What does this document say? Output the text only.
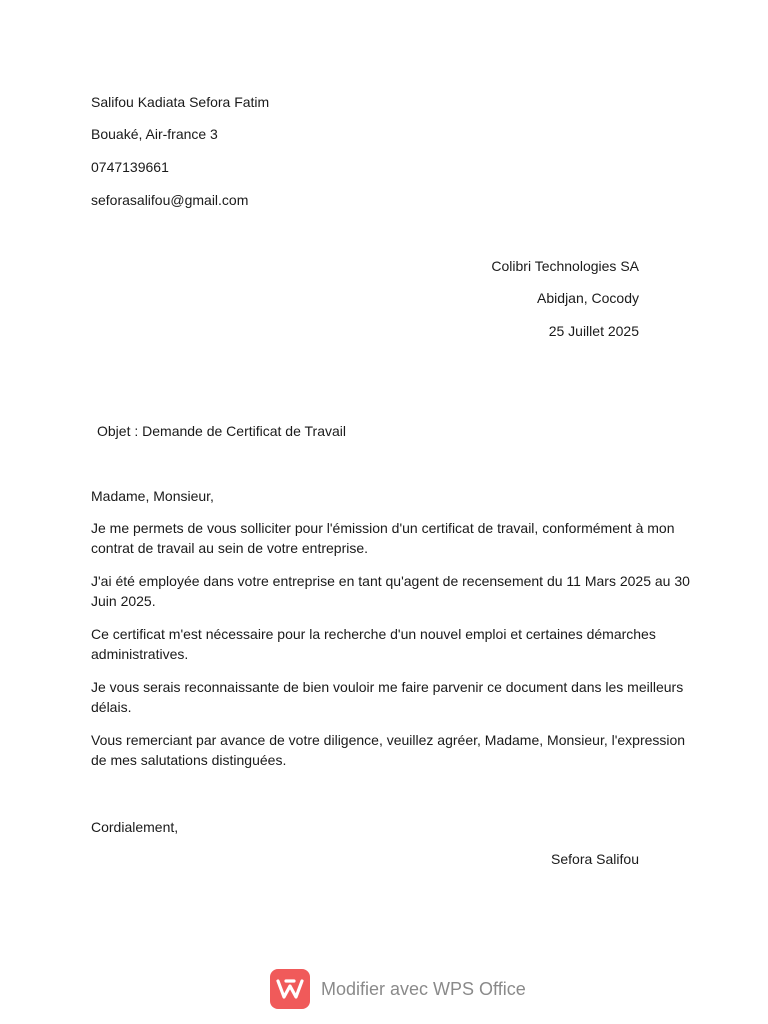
Salifou Kadiata Sefora Fatim
Bouaké, Air-france 3
0747139661
seforasalifou@gmail.com
Colibri Technologies SA
Abidjan, Cocody
25 Juillet 2025
Objet : Demande de Certificat de Travail
Madame, Monsieur,
Je me permets de vous solliciter pour l'émission d'un certificat de travail, conformément à mon contrat de travail au sein de votre entreprise.
J'ai été employée dans votre entreprise en tant qu'agent de recensement du 11 Mars 2025 au 30 Juin 2025.
Ce certificat m'est nécessaire pour la recherche d'un nouvel emploi et certaines démarches administratives.
Je vous serais reconnaissante de bien vouloir me faire parvenir ce document dans les meilleurs délais.
Vous remerciant par avance de votre diligence, veuillez agréer, Madame, Monsieur, l'expression de mes salutations distinguées.
Cordialement,
Sefora Salifou
Modifier avec WPS Office
